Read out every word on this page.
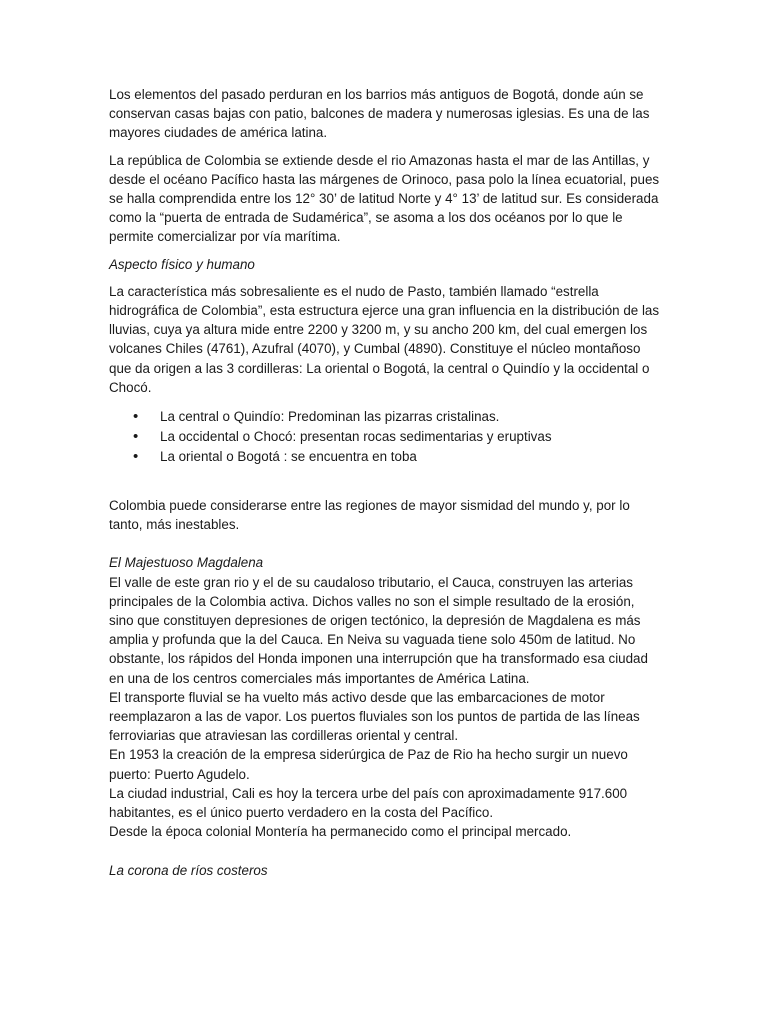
Los elementos del pasado perduran en los barrios más antiguos de Bogotá, donde aún se conservan casas bajas con patio, balcones de madera y numerosas iglesias. Es una de las mayores ciudades de américa latina.

La república de Colombia se extiende desde el rio Amazonas hasta el mar de las Antillas, y desde el océano Pacífico hasta las márgenes de Orinoco, pasa polo la línea ecuatorial, pues se halla comprendida entre los 12° 30’ de latitud Norte y 4° 13’ de latitud sur. Es considerada como la “puerta de entrada de Sudamérica”, se asoma a los dos océanos por lo que le permite comercializar por vía marítima.

Aspecto físico y humano

La característica más sobresaliente es el nudo de Pasto, también llamado “estrella hidrográfica de Colombia”, esta estructura ejerce una gran influencia en la distribución de las lluvias, cuya ya altura mide entre 2200 y 3200 m, y su ancho 200 km, del cual emergen los volcanes Chiles (4761), Azufral (4070), y Cumbal (4890). Constituye el núcleo montañoso que da origen a las 3 cordilleras: La oriental o Bogotá, la central o Quindío y la occidental o Chocó.

• La central o Quindío: Predominan las pizarras cristalinas.
• La occidental o Chocó: presentan rocas sedimentarias y eruptivas
• La oriental o Bogotá : se encuentra en toba

Colombia puede considerarse entre las regiones de mayor sismidad del mundo y, por lo tanto, más inestables.

El Majestuoso Magdalena

El valle de este gran rio y el de su caudaloso tributario, el Cauca, construyen las arterias principales de la Colombia activa. Dichos valles no son el simple resultado de la erosión, sino que constituyen depresiones de origen tectónico, la depresión de Magdalena es más amplia y profunda que la del Cauca. En Neiva su vaguada tiene solo 450m de latitud. No obstante, los rápidos del Honda imponen una interrupción que ha transformado esa ciudad en una de los centros comerciales más importantes de América Latina.

El transporte fluvial se ha vuelto más activo desde que las embarcaciones de motor reemplazaron a las de vapor. Los puertos fluviales son los puntos de partida de las líneas ferroviarias que atraviesan las cordilleras oriental y central.

En 1953 la creación de la empresa siderúrgica de Paz de Rio ha hecho surgir un nuevo puerto: Puerto Agudelo.

La ciudad industrial, Cali es hoy la tercera urbe del país con aproximadamente 917.600 habitantes, es el único puerto verdadero en la costa del Pacífico.

Desde la época colonial Montería ha permanecido como el principal mercado.

La corona de ríos costeros
